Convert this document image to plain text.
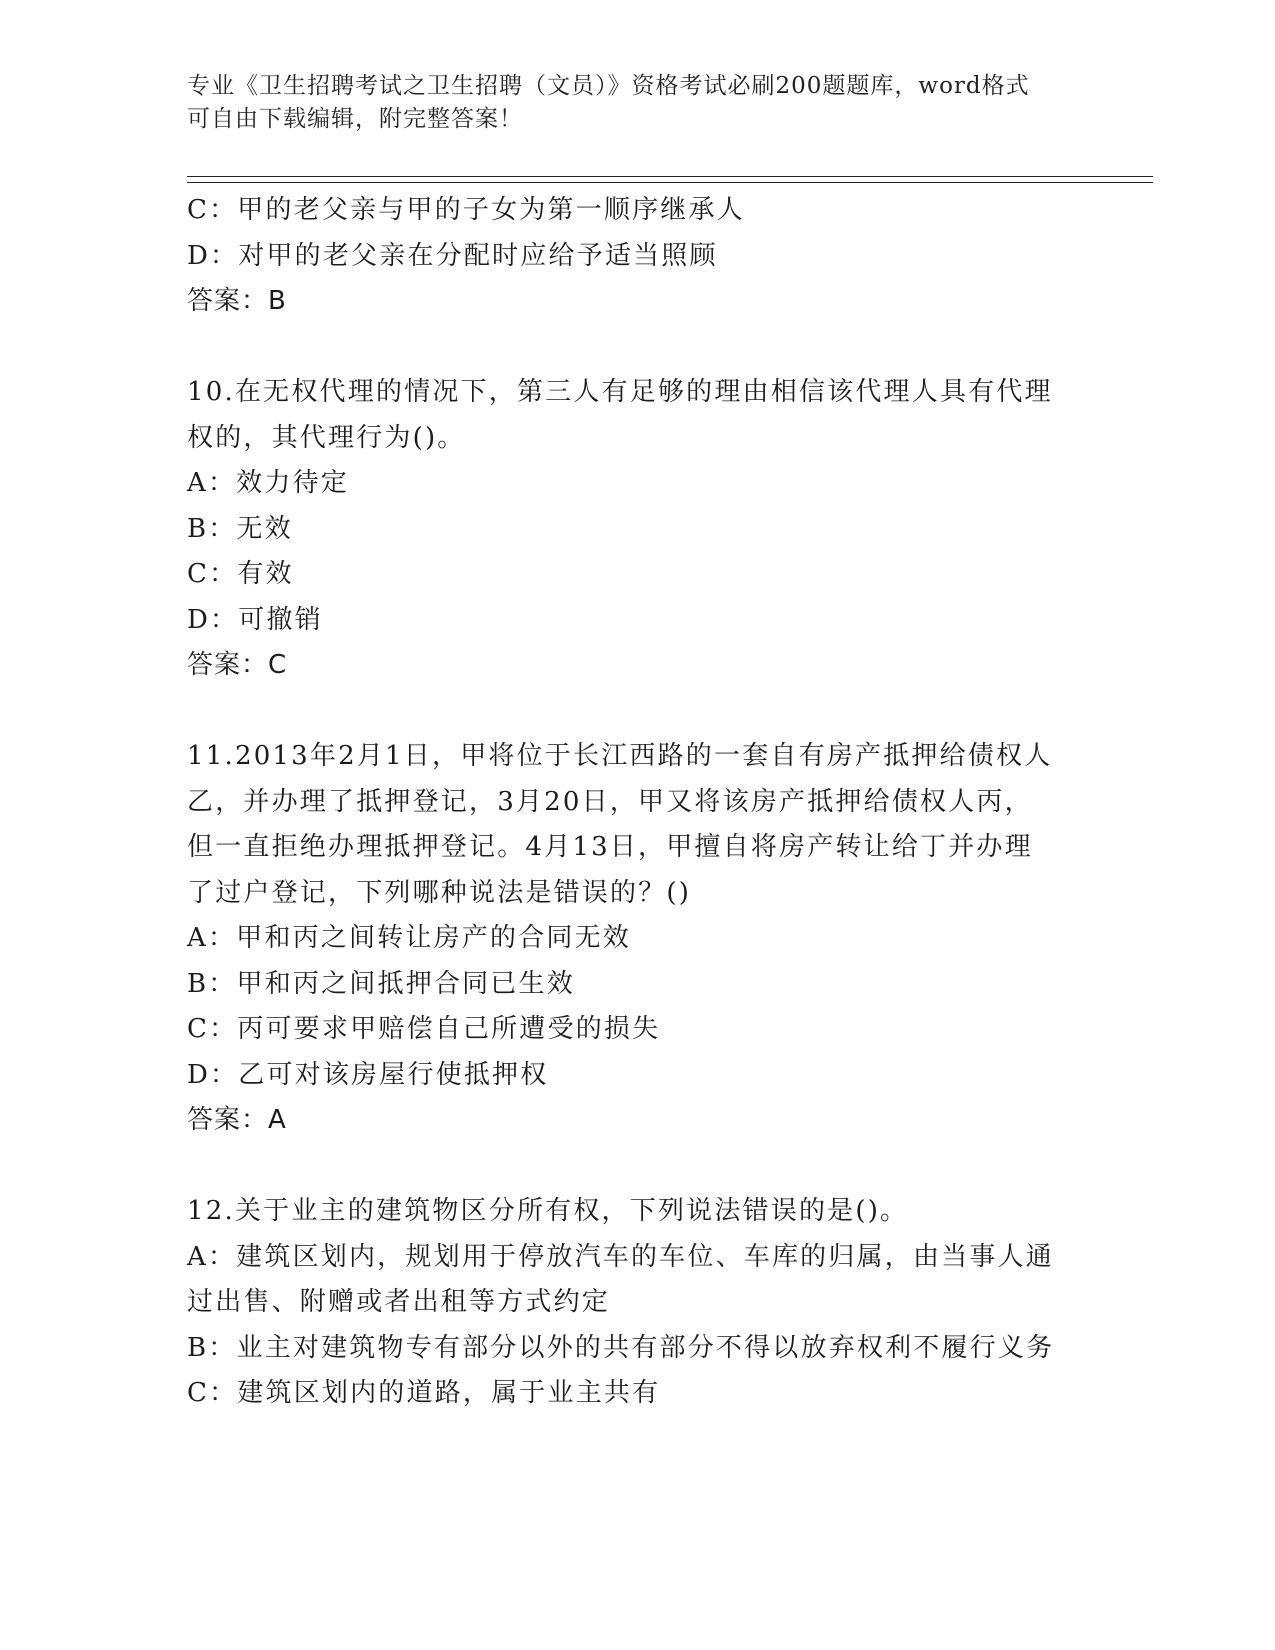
专业《卫生招聘考试之卫生招聘（文员）》资格考试必刷200题题库，word格式
可自由下载编辑，附完整答案！
C：甲的老父亲与甲的子女为第一顺序继承人
D：对甲的老父亲在分配时应给予适当照顾
答案：B
10.在无权代理的情况下，第三人有足够的理由相信该代理人具有代理
权的，其代理行为()。
A：效力待定
B：无效
C：有效
D：可撤销
答案：C
11.2013年2月1日，甲将位于长江西路的一套自有房产抵押给债权人
乙，并办理了抵押登记，3月20日，甲又将该房产抵押给债权人丙，
但一直拒绝办理抵押登记。4月13日，甲擅自将房产转让给丁并办理
了过户登记，下列哪种说法是错误的？()
A：甲和丙之间转让房产的合同无效
B：甲和丙之间抵押合同已生效
C：丙可要求甲赔偿自己所遭受的损失
D：乙可对该房屋行使抵押权
答案：A
12.关于业主的建筑物区分所有权，下列说法错误的是()。
A：建筑区划内，规划用于停放汽车的车位、车库的归属，由当事人通
过出售、附赠或者出租等方式约定
B：业主对建筑物专有部分以外的共有部分不得以放弃权利不履行义务
C：建筑区划内的道路，属于业主共有
